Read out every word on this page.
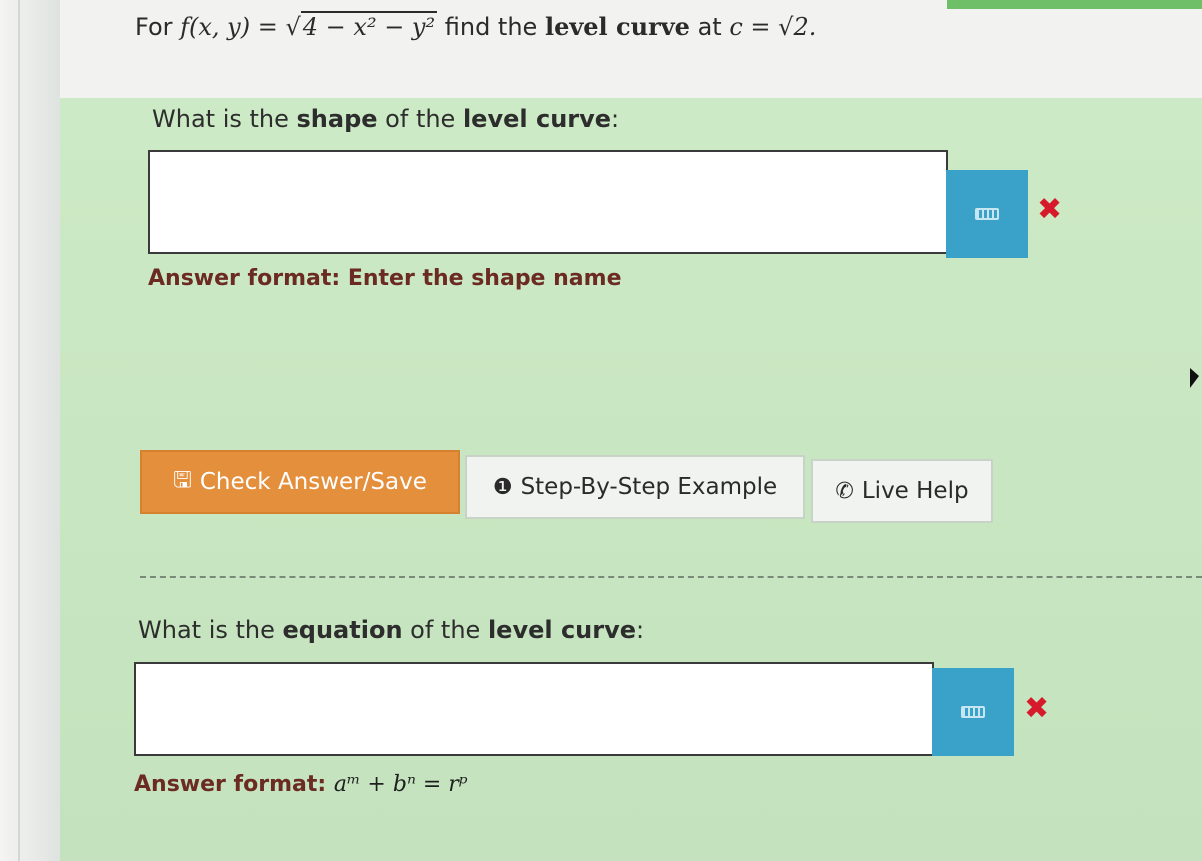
For f(x, y) = √4 − x² − y² find the level curve at c = √2.
What is the shape of the level curve:
✖
Answer format: Enter the shape name
🖫 Check Answer/Save	❶ Step-By-Step Example	✆ Live Help
What is the equation of the level curve:
✖
Answer format: aᵐ + bⁿ = rᵖ
